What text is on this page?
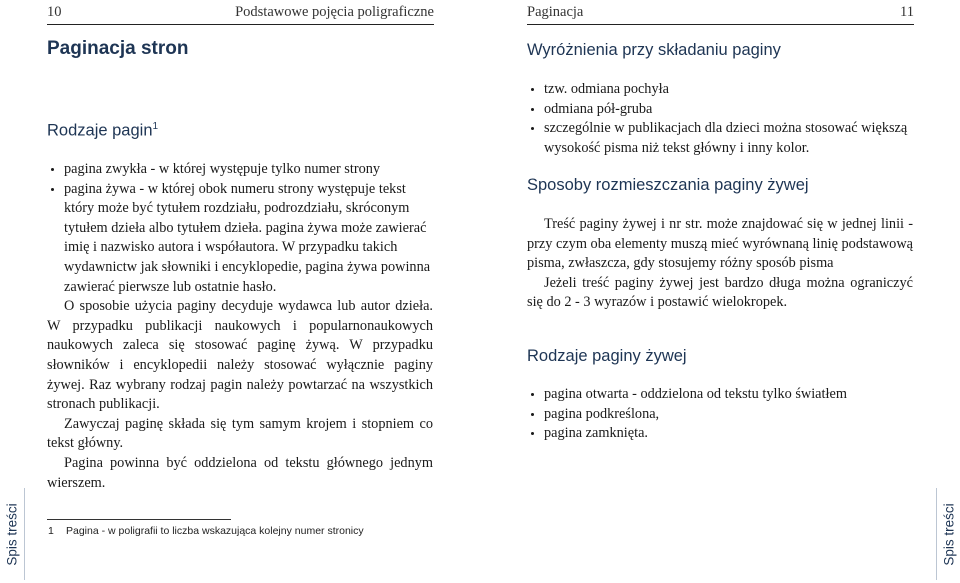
10	Podstawowe pojęcia poligraficzne
Paginacja stron
Rodzaje pagin$^1$
• pagina zwykła - w której występuje tylko numer strony
• pagina żywa - w której obok numeru strony występuje tekst który może być tytułem rozdziału, podrozdziału, skróconym tytułem dzieła albo tytułem dzieła. pagina żywa może zawierać imię i nazwisko autora i współautora. W przypadku takich wydawnictw jak słowniki i encyklopedie, pagina żywa powinna zawierać pierwsze lub ostatnie hasło.

O sposobie użycia paginy decyduje wydawca lub autor dzieła. W przypadku publikacji naukowych i popularnonaukowych naukowych zaleca się stosować paginę żywą. W przypadku słowników i encyklopedii należy stosować wyłącznie paginy żywej. Raz wybrany rodzaj pagin należy powtarzać na wszystkich stronach publikacji.

Zawyczaj paginę składa się tym samym krojem i stopniem co tekst główny.

Pagina powinna być oddzielona od tekstu głównego jednym wierszem.

1 Pagina - w poligrafii to liczba wskazująca kolejny numer stronicy
Spis treści
Paginacja	11
Wyróżnienia przy składaniu paginy
• tzw. odmiana pochyła
• odmiana pół-gruba
• szczególnie w publikacjach dla dzieci można stosować większą wysokość pisma niż tekst główny i inny kolor.
Sposoby rozmieszczania paginy żywej

Treść paginy żywej i nr str. może znajdować się w jednej linii - przy czym oba elementy muszą mieć wyrównaną linię podstawową pisma, zwłaszcza, gdy stosujemy różny sposób pisma

Jeżeli treść paginy żywej jest bardzo długa można ograniczyć się do 2 - 3 wyrazów i postawić wielokropek.

Rodzaje paginy żywej
• pagina otwarta - oddzielona od tekstu tylko światłem
• pagina podkreślona,
• pagina zamknięta.
Spis treści
